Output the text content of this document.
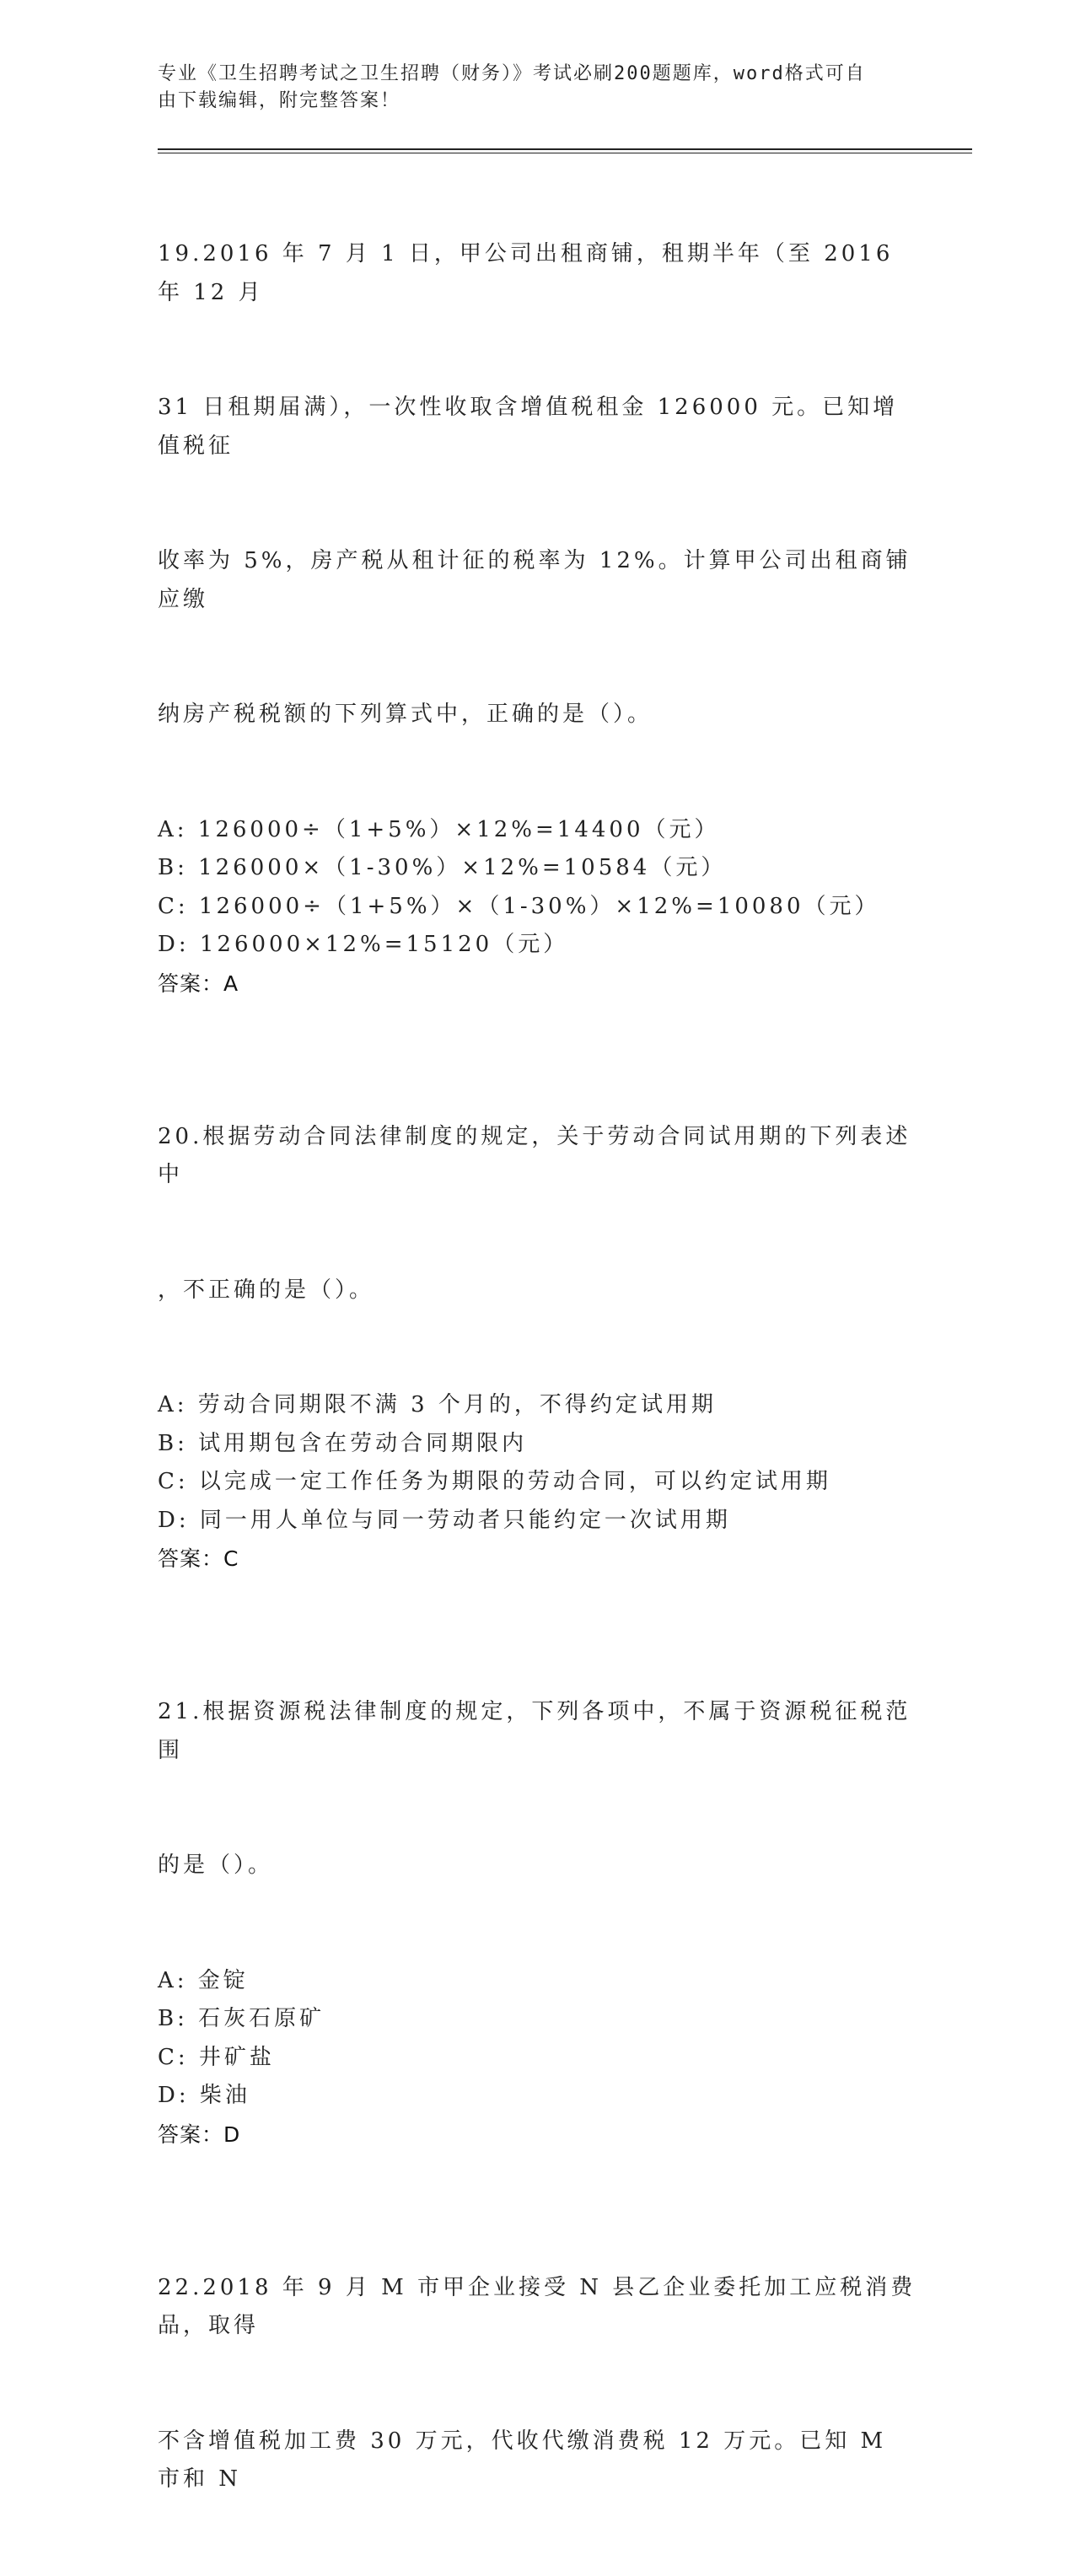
专业《卫生招聘考试之卫生招聘（财务）》考试必刷200题题库，word格式可自
由下载编辑，附完整答案！

19.2016 年 7 月 1 日，甲公司出租商铺，租期半年（至 2016 年 12 月

31 日租期届满），一次性收取含增值税租金 126000 元。已知增值税征

收率为 5%，房产税从租计征的税率为 12%。计算甲公司出租商铺应缴

纳房产税税额的下列算式中，正确的是（）。

A: 126000÷（1+5%）×12%=14400（元）
B: 126000×（1-30%）×12%=10584（元）
C: 126000÷（1+5%）×（1-30%）×12%=10080（元）
D: 126000×12%=15120（元）
答案：A

20.根据劳动合同法律制度的规定，关于劳动合同试用期的下列表述中

，不正确的是（）。

A: 劳动合同期限不满 3 个月的，不得约定试用期
B: 试用期包含在劳动合同期限内
C: 以完成一定工作任务为期限的劳动合同，可以约定试用期
D: 同一用人单位与同一劳动者只能约定一次试用期
答案：C

21.根据资源税法律制度的规定，下列各项中，不属于资源税征税范围

的是（）。

A: 金锭
B: 石灰石原矿
C: 井矿盐
D: 柴油
答案：D

22.2018 年 9 月 M 市甲企业接受 N 县乙企业委托加工应税消费品，取得

不含增值税加工费 30 万元，代收代缴消费税 12 万元。已知 M 市和 N
